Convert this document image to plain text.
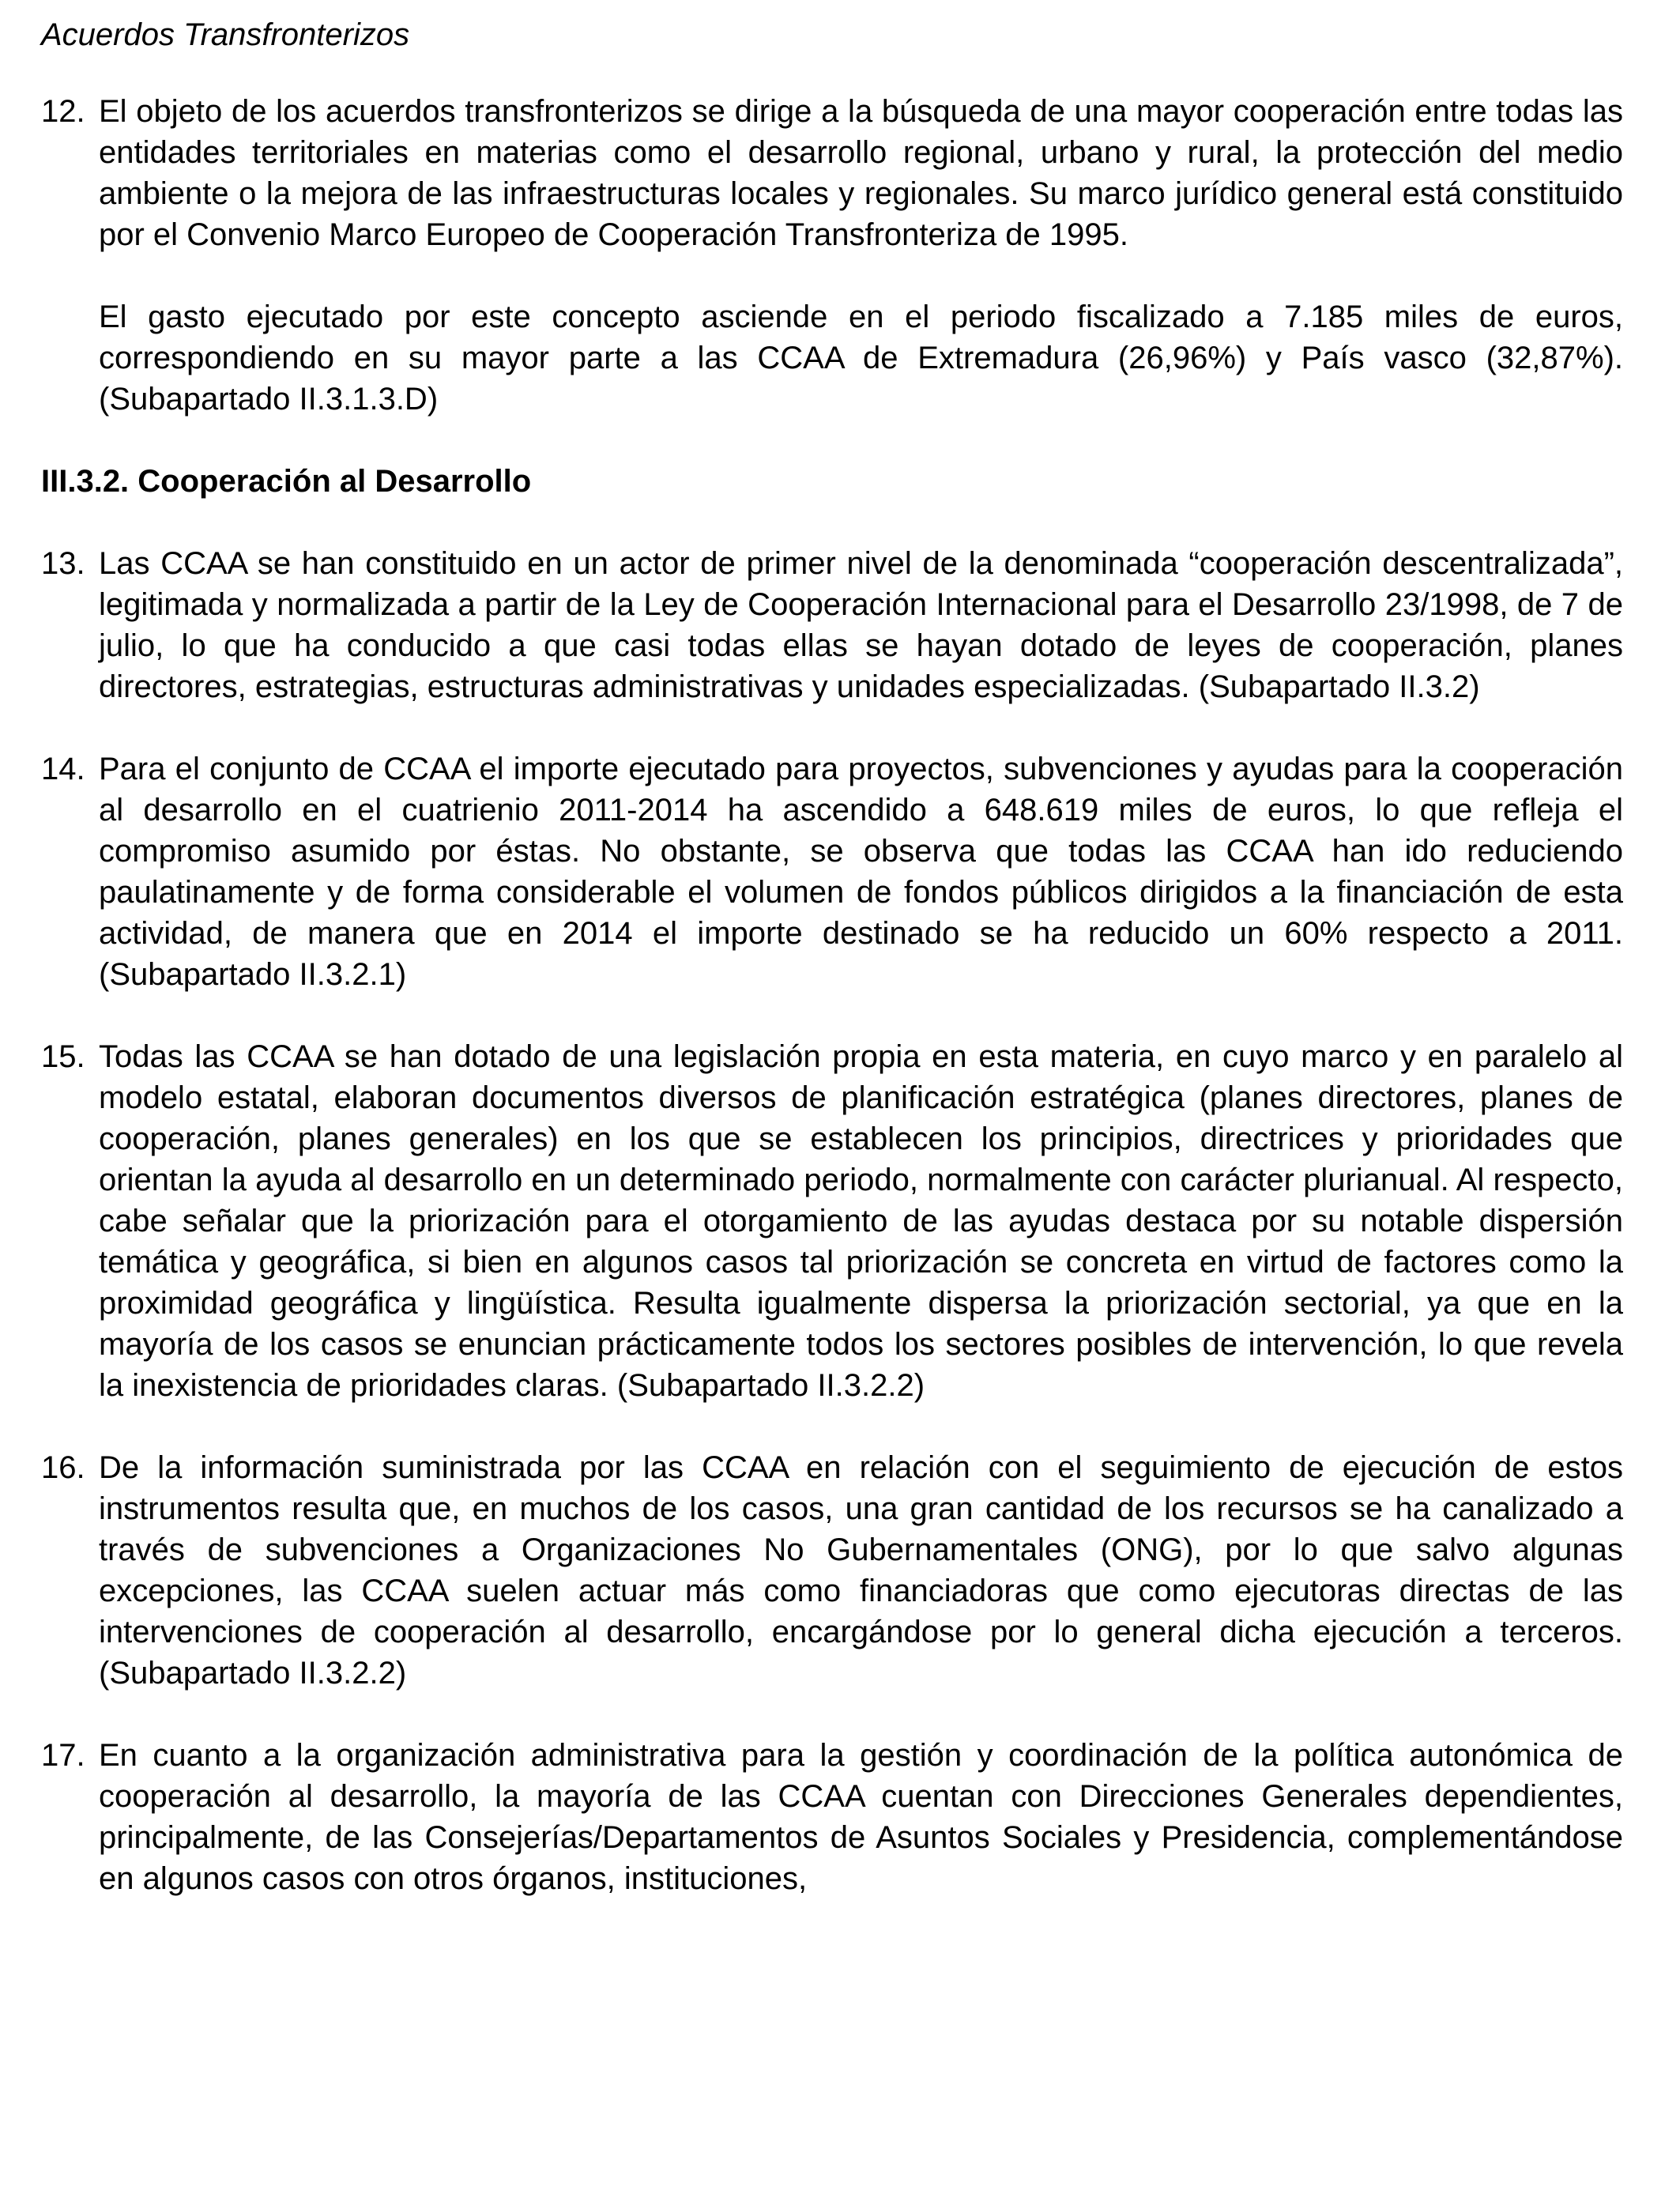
Acuerdos Transfronterizos
12. El objeto de los acuerdos transfronterizos se dirige a la búsqueda de una mayor cooperación entre todas las entidades territoriales en materias como el desarrollo regional, urbano y rural, la protección del medio ambiente o la mejora de las infraestructuras locales y regionales. Su marco jurídico general está constituido por el Convenio Marco Europeo de Cooperación Transfronteriza de 1995.

El gasto ejecutado por este concepto asciende en el periodo fiscalizado a 7.185 miles de euros, correspondiendo en su mayor parte a las CCAA de Extremadura (26,96%) y País vasco (32,87%). (Subapartado II.3.1.3.D)

III.3.2. Cooperación al Desarrollo
13. Las CCAA se han constituido en un actor de primer nivel de la denominada “cooperación descentralizada”, legitimada y normalizada a partir de la Ley de Cooperación Internacional para el Desarrollo 23/1998, de 7 de julio, lo que ha conducido a que casi todas ellas se hayan dotado de leyes de cooperación, planes directores, estrategias, estructuras administrativas y unidades especializadas. (Subapartado II.3.2)

14. Para el conjunto de CCAA el importe ejecutado para proyectos, subvenciones y ayudas para la cooperación al desarrollo en el cuatrienio 2011-2014 ha ascendido a 648.619 miles de euros, lo que refleja el compromiso asumido por éstas. No obstante, se observa que todas las CCAA han ido reduciendo paulatinamente y de forma considerable el volumen de fondos públicos dirigidos a la financiación de esta actividad, de manera que en 2014 el importe destinado se ha reducido un 60% respecto a 2011. (Subapartado II.3.2.1)

15. Todas las CCAA se han dotado de una legislación propia en esta materia, en cuyo marco y en paralelo al modelo estatal, elaboran documentos diversos de planificación estratégica (planes directores, planes de cooperación, planes generales) en los que se establecen los principios, directrices y prioridades que orientan la ayuda al desarrollo en un determinado periodo, normalmente con carácter plurianual. Al respecto, cabe señalar que la priorización para el otorgamiento de las ayudas destaca por su notable dispersión temática y geográfica, si bien en algunos casos tal priorización se concreta en virtud de factores como la proximidad geográfica y lingüística. Resulta igualmente dispersa la priorización sectorial, ya que en la mayoría de los casos se enuncian prácticamente todos los sectores posibles de intervención, lo que revela la inexistencia de prioridades claras. (Subapartado II.3.2.2)

16. De la información suministrada por las CCAA en relación con el seguimiento de ejecución de estos instrumentos resulta que, en muchos de los casos, una gran cantidad de los recursos se ha canalizado a través de subvenciones a Organizaciones No Gubernamentales (ONG), por lo que salvo algunas excepciones, las CCAA suelen actuar más como financiadoras que como ejecutoras directas de las intervenciones de cooperación al desarrollo, encargándose por lo general dicha ejecución a terceros. (Subapartado II.3.2.2)

17. En cuanto a la organización administrativa para la gestión y coordinación de la política autonómica de cooperación al desarrollo, la mayoría de las CCAA cuentan con Direcciones Generales dependientes, principalmente, de las Consejerías/Departamentos de Asuntos Sociales y Presidencia, complementándose en algunos casos con otros órganos, instituciones,
